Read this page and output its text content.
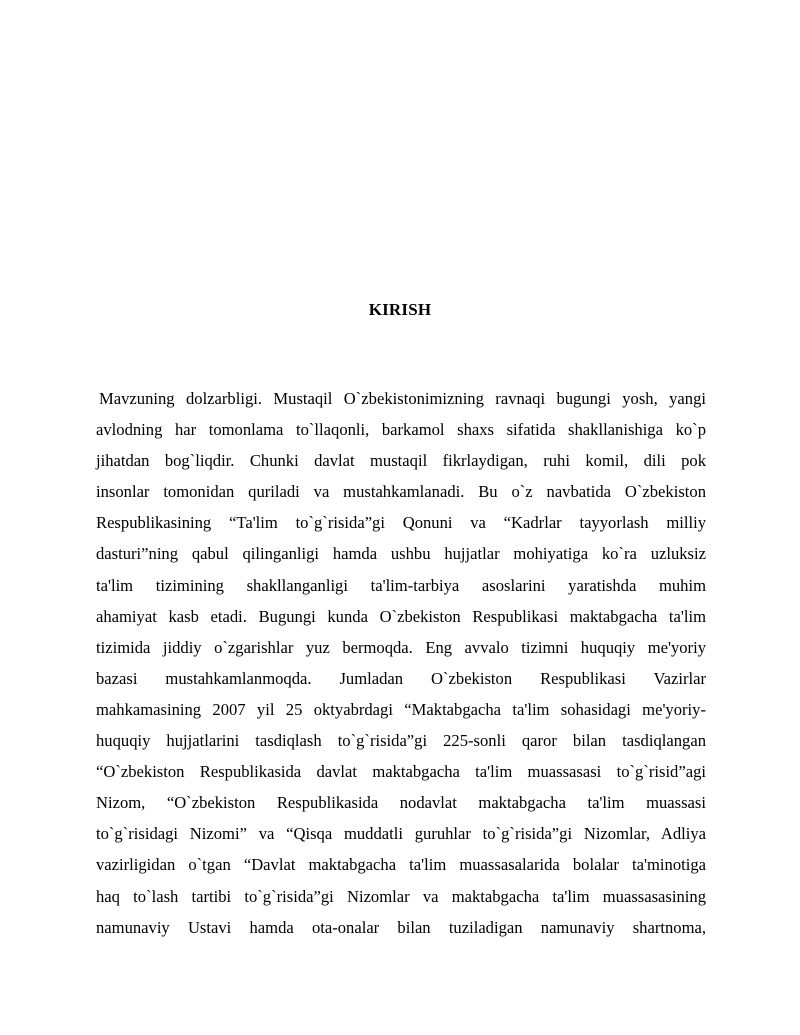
KIRISH
Mavzuning dolzarbligi. Mustaqil O`zbekistonimizning ravnaqi bugungi yosh, yangi
avlodning har tomonlama to`llaqonli, barkamol shaxs sifatida shakllanishiga ko`p
jihatdan bog`liqdir. Chunki davlat mustaqil fikrlaydigan, ruhi komil, dili pok
insonlar tomonidan quriladi va mustahkamlanadi. Bu o`z navbatida O`zbekiston
Respublikasining “Ta'lim to`g`risida”gi Qonuni va “Kadrlar tayyorlash milliy
dasturi”ning qabul qilinganligi hamda ushbu hujjatlar mohiyatiga ko`ra uzluksiz
ta'lim tizimining shakllanganligi ta'lim-tarbiya asoslarini yaratishda muhim
ahamiyat kasb etadi. Bugungi kunda O`zbekiston Respublikasi maktabgacha ta'lim
tizimida jiddiy o`zgarishlar yuz bermoqda. Eng avvalo tizimni huquqiy me'yoriy
bazasi mustahkamlanmoqda. Jumladan O`zbekiston Respublikasi Vazirlar
mahkamasining 2007 yil 25 oktyabrdagi “Maktabgacha ta'lim sohasidagi me'yoriy-
huquqiy hujjatlarini tasdiqlash to`g`risida”gi 225-sonli qaror bilan tasdiqlangan
“O`zbekiston Respublikasida davlat maktabgacha ta'lim muassasasi to`g`risid”agi
Nizom, “O`zbekiston Respublikasida nodavlat maktabgacha ta'lim muassasi
to`g`risidagi Nizomi” va “Qisqa muddatli guruhlar to`g`risida”gi Nizomlar, Adliya
vazirligidan o`tgan “Davlat maktabgacha ta'lim muassasalarida bolalar ta'minotiga
haq to`lash tartibi to`g`risida”gi Nizomlar va maktabgacha ta'lim muassasasining
namunaviy Ustavi hamda ota-onalar bilan tuziladigan namunaviy shartnoma,
